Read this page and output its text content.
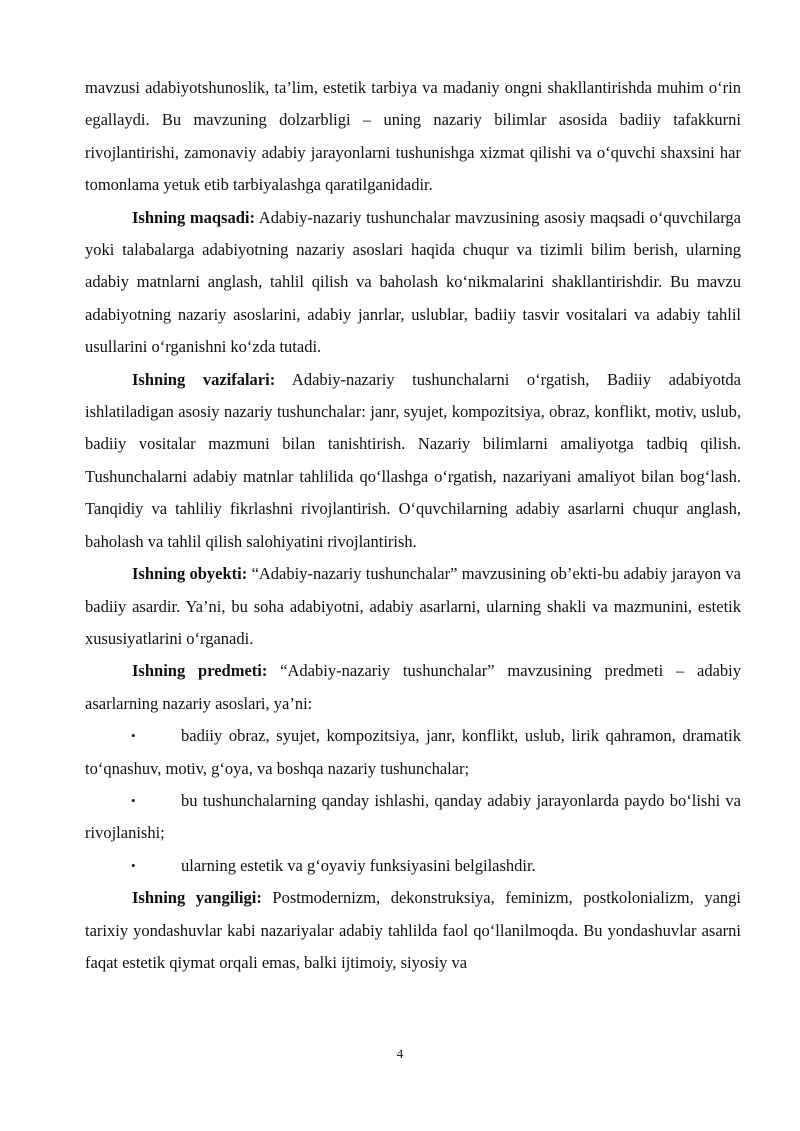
mavzusi adabiyotshunoslik, ta’lim, estetik tarbiya va madaniy ongni shakllantirishda muhim o‘rin egallaydi. Bu mavzuning dolzarbligi – uning nazariy bilimlar asosida badiiy tafakkurni rivojlantirishi, zamonaviy adabiy jarayonlarni tushunishga xizmat qilishi va o‘quvchi shaxsini har tomonlama yetuk etib tarbiyalashga qaratilganidadir.

Ishning maqsadi: Adabiy-nazariy tushunchalar mavzusining asosiy maqsadi o‘quvchilarga yoki talabalarga adabiyotning nazariy asoslari haqida chuqur va tizimli bilim berish, ularning adabiy matnlarni anglash, tahlil qilish va baholash ko‘nikmalarini shakllantirishdir. Bu mavzu adabiyotning nazariy asoslarini, adabiy janrlar, uslublar, badiiy tasvir vositalari va adabiy tahlil usullarini o‘rganishni ko‘zda tutadi.

Ishning vazifalari: Adabiy-nazariy tushunchalarni o‘rgatish, Badiiy adabiyotda ishlatiladigan asosiy nazariy tushunchalar: janr, syujet, kompozitsiya, obraz, konflikt, motiv, uslub, badiiy vositalar mazmuni bilan tanishtirish. Nazariy bilimlarni amaliyotga tadbiq qilish. Tushunchalarni adabiy matnlar tahlilida qo‘llashga o‘rgatish, nazariyani amaliyot bilan bog‘lash. Tanqidiy va tahliliy fikrlashni rivojlantirish. O‘quvchilarning adabiy asarlarni chuqur anglash, baholash va tahlil qilish salohiyatini rivojlantirish.

Ishning obyekti: “Adabiy-nazariy tushunchalar” mavzusining ob’ekti-bu adabiy jarayon va badiiy asardir. Ya’ni, bu soha adabiyotni, adabiy asarlarni, ularning shakli va mazmunini, estetik xususiyatlarini o‘rganadi.

Ishning predmeti: “Adabiy-nazariy tushunchalar” mavzusining predmeti – adabiy asarlarning nazariy asoslari, ya’ni:

•	badiiy obraz, syujet, kompozitsiya, janr, konflikt, uslub, lirik qahramon, dramatik to‘qnashuv, motiv, g‘oya, va boshqa nazariy tushunchalar;

•	bu tushunchalarning qanday ishlashi, qanday adabiy jarayonlarda paydo bo‘lishi va rivojlanishi;

•	ularning estetik va g‘oyaviy funksiyasini belgilashdir.

Ishning yangiligi: Postmodernizm, dekonstruksiya, feminizm, postkolonializm, yangi tarixiy yondashuvlar kabi nazariyalar adabiy tahlilda faol qo‘llanilmoqda. Bu yondashuvlar asarni faqat estetik qiymat orqali emas, balki ijtimoiy, siyosiy va

4
